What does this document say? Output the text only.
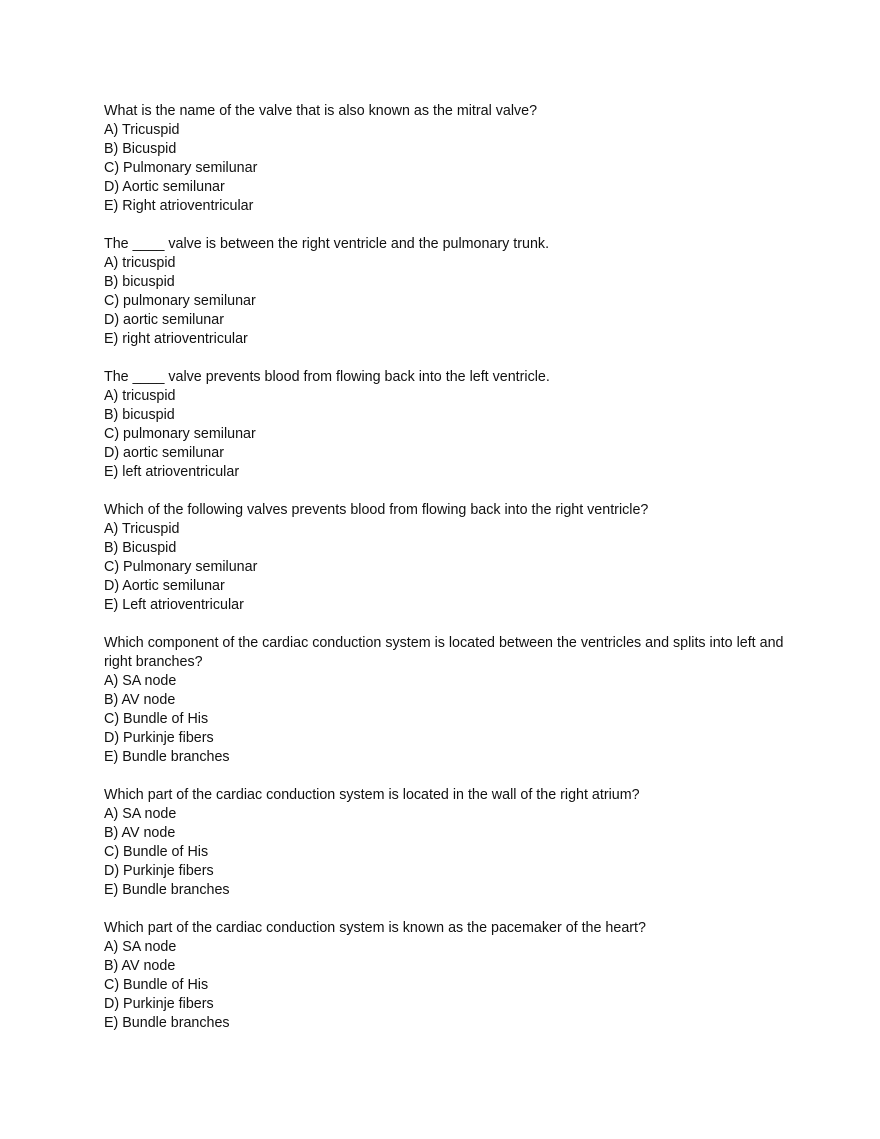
What is the name of the valve that is also known as the mitral valve?

A) Tricuspid
B) Bicuspid
C) Pulmonary semilunar
D) Aortic semilunar
E) Right atrioventricular

The ____ valve is between the right ventricle and the pulmonary trunk.

A) tricuspid
B) bicuspid
C) pulmonary semilunar
D) aortic semilunar
E) right atrioventricular

The ____ valve prevents blood from flowing back into the left ventricle.

A) tricuspid
B) bicuspid
C) pulmonary semilunar
D) aortic semilunar
E) left atrioventricular

Which of the following valves prevents blood from flowing back into the right ventricle?

A) Tricuspid
B) Bicuspid
C) Pulmonary semilunar
D) Aortic semilunar
E) Left atrioventricular

Which component of the cardiac conduction system is located between the ventricles and splits into left and right branches?

A) SA node
B) AV node
C) Bundle of His
D) Purkinje fibers
E) Bundle branches

Which part of the cardiac conduction system is located in the wall of the right atrium?

A) SA node
B) AV node
C) Bundle of His
D) Purkinje fibers
E) Bundle branches

Which part of the cardiac conduction system is known as the pacemaker of the heart?

A) SA node
B) AV node
C) Bundle of His
D) Purkinje fibers
E) Bundle branches
